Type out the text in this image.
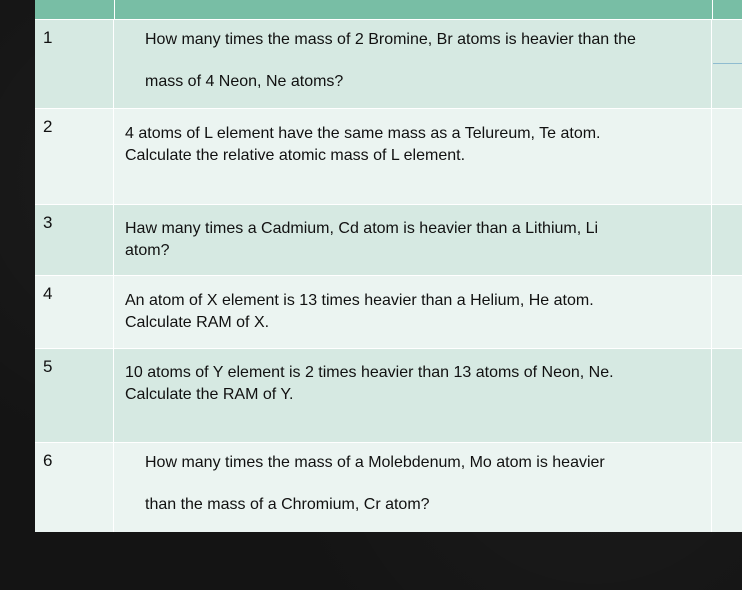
1	How many times the mass of 2 Bromine, Br atoms is heavier than the
mass of 4 Neon, Ne atoms?
2	4 atoms of L element have the same mass as a Telureum, Te atom.
Calculate the relative atomic mass of L element.
3	Haw many times a Cadmium, Cd atom is heavier than a Lithium, Li
atom?
4	An atom of X element is 13 times heavier than a Helium, He atom.
Calculate RAM of X.
5	10 atoms of Y element is 2 times heavier than 13 atoms of Neon, Ne.
Calculate the RAM of Y.
6	How many times the mass of a Molebdenum, Mo atom is heavier
than the mass of a Chromium, Cr atom?
